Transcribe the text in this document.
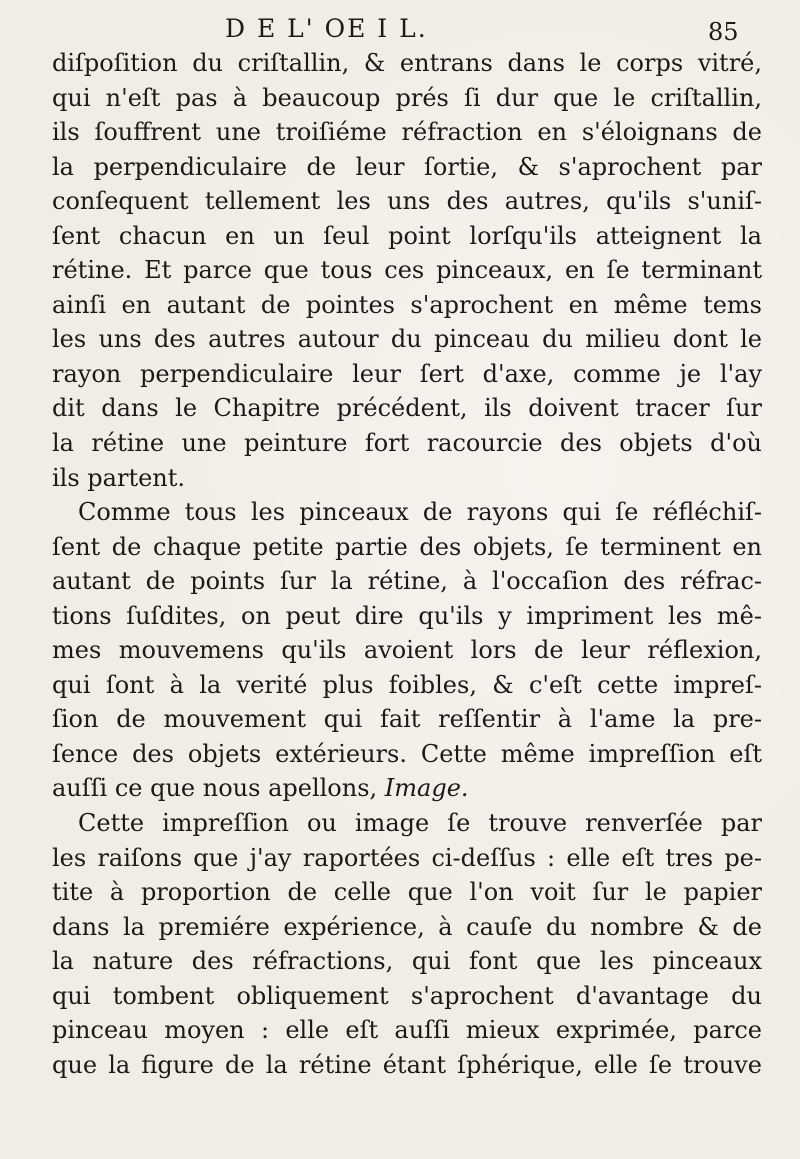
D E L' OE I L.	85
diſpoſition du criſtallin, & entrans dans le corps vitré,
qui n'eſt pas à beaucoup prés ſi dur que le criſtallin,
ils ſouffrent une troiſiéme réfraction en s'éloignans de
la perpendiculaire de leur ſortie, & s'aprochent par
conſequent tellement les uns des autres, qu'ils s'uniſ-
ſent chacun en un ſeul point lorſqu'ils atteignent la
rétine. Et parce que tous ces pinceaux, en ſe terminant
ainſi en autant de pointes s'aprochent en même tems
les uns des autres autour du pinceau du milieu dont le
rayon perpendiculaire leur ſert d'axe, comme je l'ay
dit dans le Chapitre précédent, ils doivent tracer ſur
la rétine une peinture fort racourcie des objets d'où
ils partent.
Comme tous les pinceaux de rayons qui ſe réfléchiſ-
ſent de chaque petite partie des objets, ſe terminent en
autant de points ſur la rétine, à l'occaſion des réfrac-
tions ſuſdites, on peut dire qu'ils y impriment les mê-
mes mouvemens qu'ils avoient lors de leur réflexion,
qui ſont à la verité plus foibles, & c'eſt cette impreſ-
ſion de mouvement qui fait reſſentir à l'ame la pre-
ſence des objets extérieurs. Cette même impreſſion eſt
auſſi ce que nous apellons, Image.
Cette impreſſion ou image ſe trouve renverſée par
les raiſons que j'ay raportées ci-deſſus : elle eſt tres pe-
tite à proportion de celle que l'on voit ſur le papier
dans la premiére expérience, à cauſe du nombre & de
la nature des réfractions, qui font que les pinceaux
qui tombent obliquement s'aprochent d'avantage du
pinceau moyen : elle eſt auſſi mieux exprimée, parce
que la figure de la rétine étant ſphérique, elle ſe trouve
